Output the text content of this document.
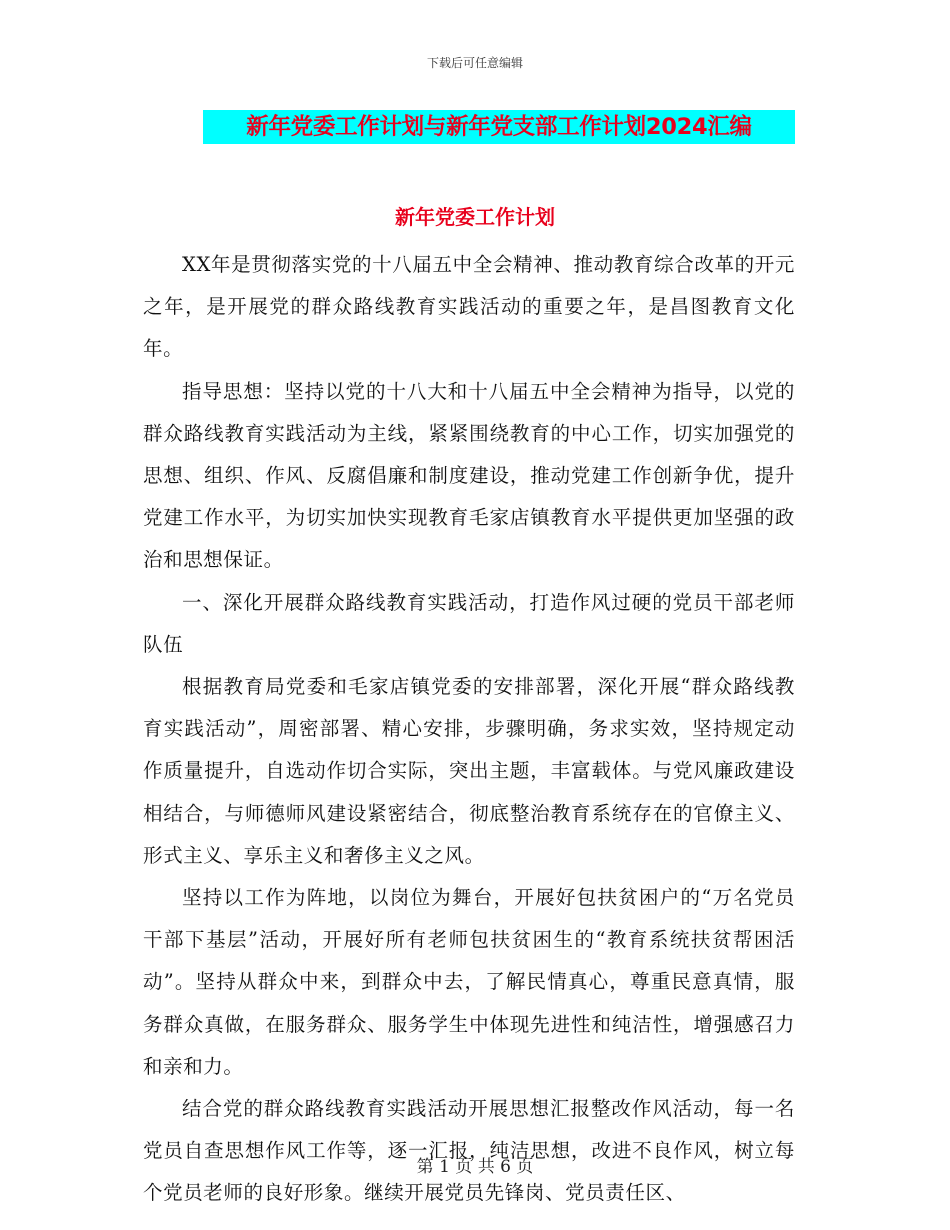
下载后可任意编辑
新年党委工作计划与新年党支部工作计划2024汇编
新年党委工作计划

XX年是贯彻落实党的十八届五中全会精神、推动教育综合改革的开元之年，是开展党的群众路线教育实践活动的重要之年，是昌图教育文化年。

指导思想：坚持以党的十八大和十八届五中全会精神为指导，以党的群众路线教育实践活动为主线，紧紧围绕教育的中心工作，切实加强党的思想、组织、作风、反腐倡廉和制度建设，推动党建工作创新争优，提升党建工作水平，为切实加快实现教育毛家店镇教育水平提供更加坚强的政治和思想保证。

一、深化开展群众路线教育实践活动，打造作风过硬的党员干部老师队伍

根据教育局党委和毛家店镇党委的安排部署，深化开展“群众路线教育实践活动”，周密部署、精心安排，步骤明确，务求实效，坚持规定动作质量提升，自选动作切合实际，突出主题，丰富载体。与党风廉政建设相结合，与师德师风建设紧密结合，彻底整治教育系统存在的官僚主义、形式主义、享乐主义和奢侈主义之风。

坚持以工作为阵地，以岗位为舞台，开展好包扶贫困户的“万名党员干部下基层”活动，开展好所有老师包扶贫困生的“教育系统扶贫帮困活动”。坚持从群众中来，到群众中去，了解民情真心，尊重民意真情，服务群众真做，在服务群众、服务学生中体现先进性和纯洁性，增强感召力和亲和力。

结合党的群众路线教育实践活动开展思想汇报整改作风活动，每一名党员自查思想作风工作等，逐一汇报，纯洁思想，改进不良作风，树立每个党员老师的良好形象。继续开展党员先锋岗、党员责任区、

第 1 页 共 6 页
